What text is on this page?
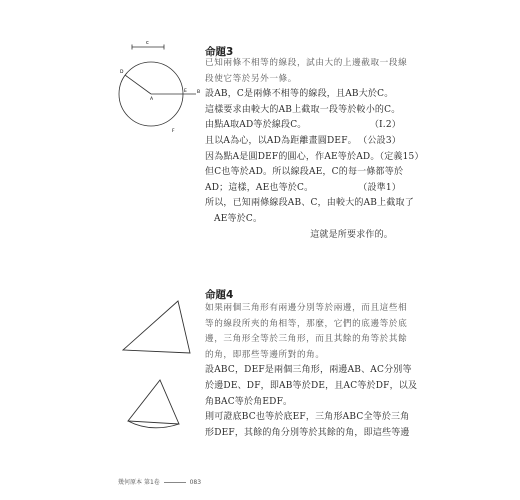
c
A
E B
D
F
命題3
已知兩條不相等的線段，試由大的上邊截取一段線
段使它等於另外一條。
設AB，C是兩條不相等的線段，且AB大於C。
這樣要求由較大的AB上截取一段等於較小的C。
由點A取AD等於線段C。	（I.2）
且以A為心，以AD為距離畫圓DEF。 （公設3）
因為點A是圓DEF的圓心，作AE等於AD。（定義15）
但C也等於AD。所以線段AE，C的每一條都等於
AD；這樣，AE也等於C。	（設準1）
所以，已知兩條線段AB、C，由較大的AB上截取了
AE等於C。
這就是所要求作的。
命題4
如果兩個三角形有兩邊分別等於兩邊，而且這些相
等的線段所夾的角相等，那麼，它們的底邊等於底
邊，三角形全等於三角形，而且其餘的角等於其餘
的角，即那些等邊所對的角。
設ABC，DEF是兩個三角形，兩邊AB、AC分別等
於邊DE、DF，即AB等於DE，且AC等於DF，以及
角BAC等於角EDF。
則可證底BC也等於底EF，三角形ABC全等於三角
形DEF，其餘的角分別等於其餘的角，即這些等邊
幾何原本 第1卷	083
